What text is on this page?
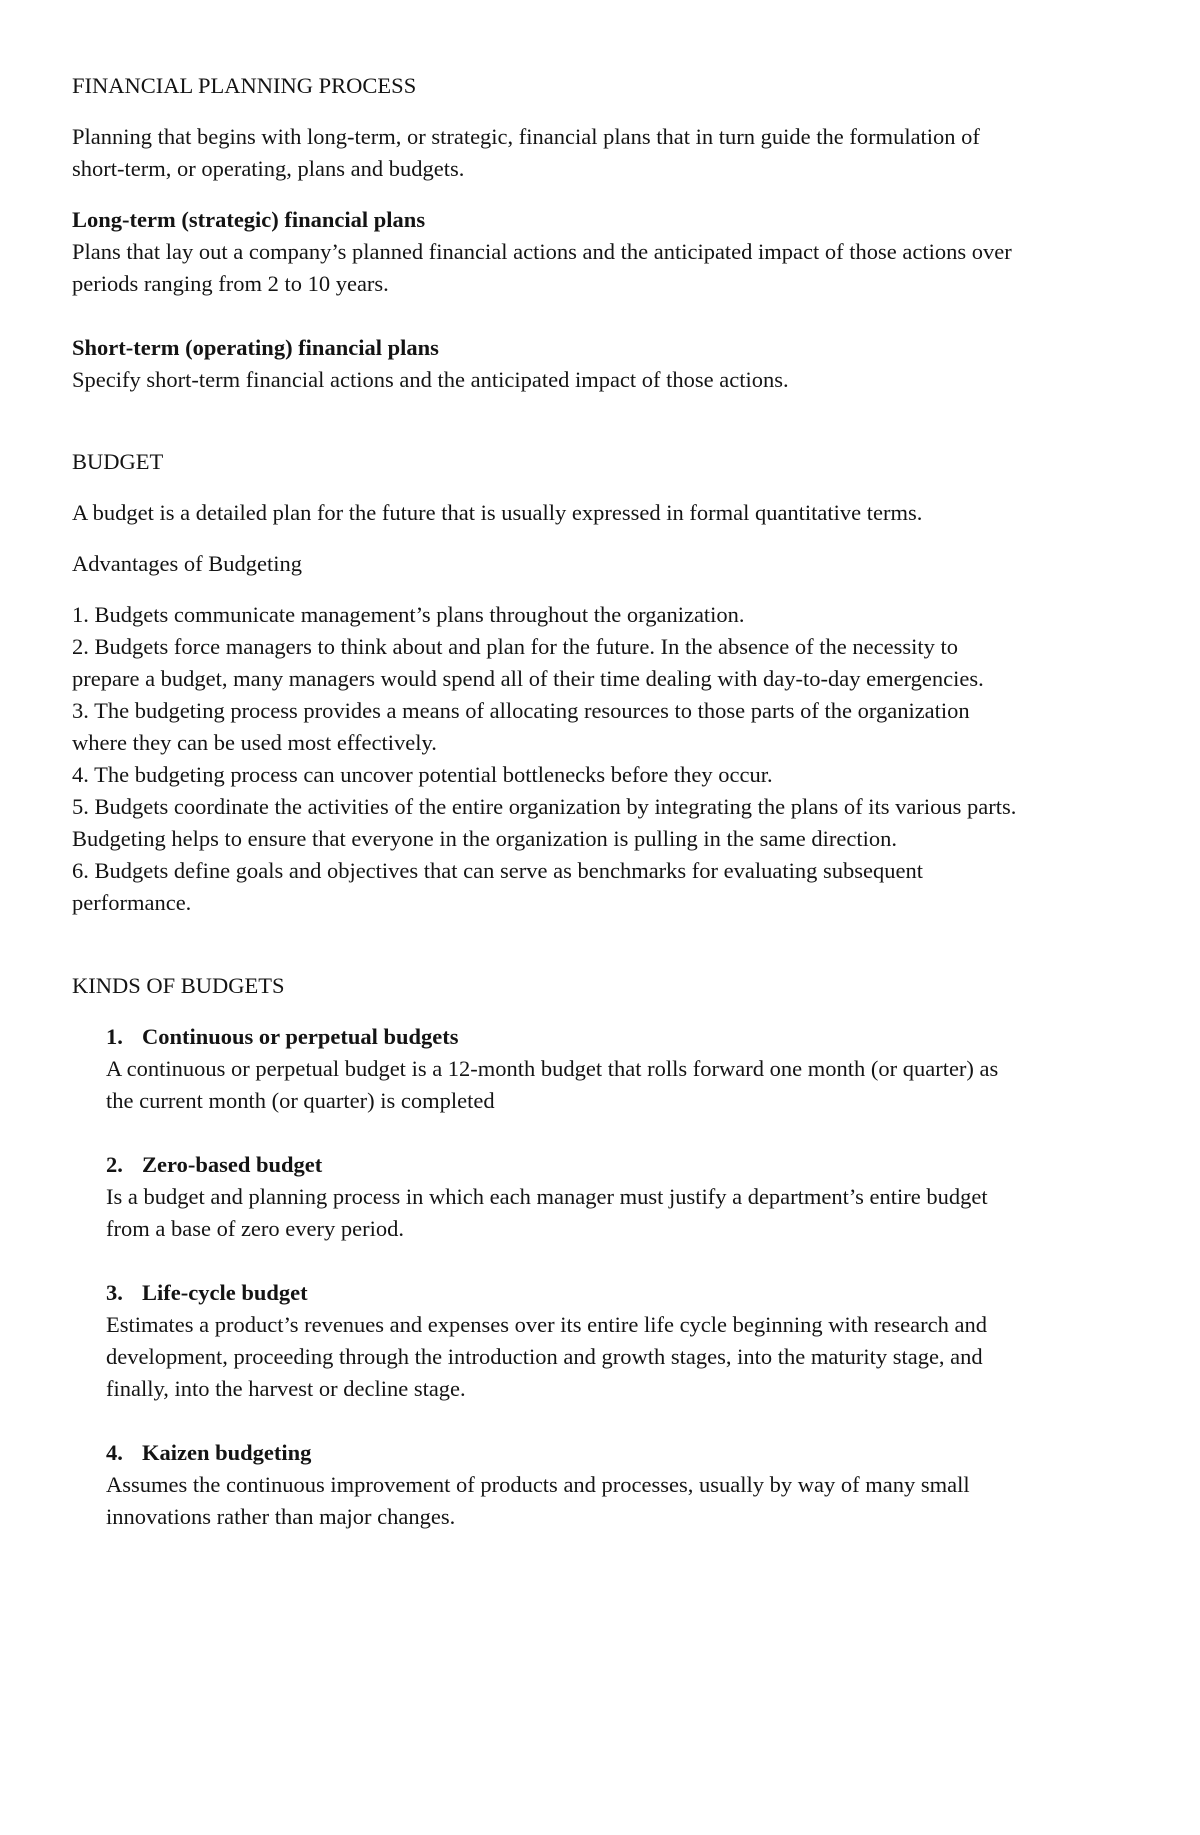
FINANCIAL PLANNING PROCESS

Planning that begins with long-term, or strategic, financial plans that in turn guide the formulation of

short-term, or operating, plans and budgets.

Long-term (strategic) financial plans

Plans that lay out a company’s planned financial actions and the anticipated impact of those actions over

periods ranging from 2 to 10 years.

Short-term (operating) financial plans

Specify short-term financial actions and the anticipated impact of those actions.

BUDGET

A budget is a detailed plan for the future that is usually expressed in formal quantitative terms.

Advantages of Budgeting

1. Budgets communicate management’s plans throughout the organization.

2. Budgets force managers to think about and plan for the future. In the absence of the necessity to

prepare a budget, many managers would spend all of their time dealing with day-to-day emergencies.

3. The budgeting process provides a means of allocating resources to those parts of the organization

where they can be used most effectively.

4. The budgeting process can uncover potential bottlenecks before they occur.

5. Budgets coordinate the activities of the entire organization by integrating the plans of its various parts.

Budgeting helps to ensure that everyone in the organization is pulling in the same direction.

6. Budgets define goals and objectives that can serve as benchmarks for evaluating subsequent

performance.

KINDS OF BUDGETS

1. Continuous or perpetual budgets

A continuous or perpetual budget is a 12-month budget that rolls forward one month (or quarter) as

the current month (or quarter) is completed

2. Zero-based budget

Is a budget and planning process in which each manager must justify a department’s entire budget

from a base of zero every period.

3. Life-cycle budget

Estimates a product’s revenues and expenses over its entire life cycle beginning with research and

development, proceeding through the introduction and growth stages, into the maturity stage, and

finally, into the harvest or decline stage.

4. Kaizen budgeting

Assumes the continuous improvement of products and processes, usually by way of many small

innovations rather than major changes.
